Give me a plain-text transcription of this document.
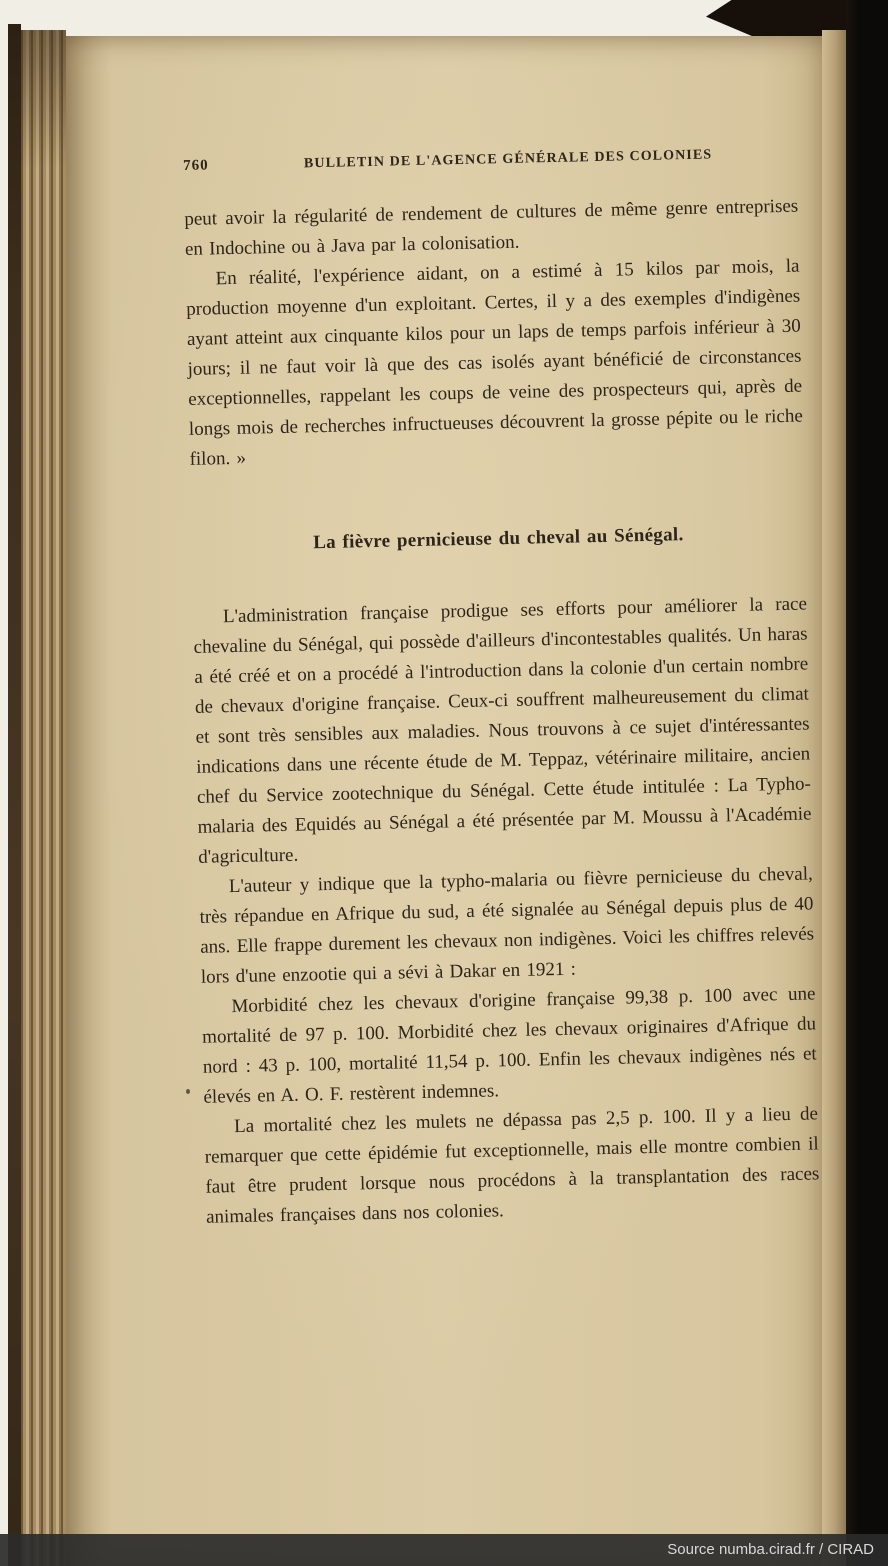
760	BULLETIN DE L'AGENCE GÉNÉRALE DES COLONIES

peut avoir la régularité de rendement de cultures de même genre entreprises en Indochine ou à Java par la colonisation.

En réalité, l'expérience aidant, on a estimé à 15 kilos par mois, la production moyenne d'un exploitant. Certes, il y a des exemples d'indigènes ayant atteint aux cinquante kilos pour un laps de temps parfois inférieur à 30 jours; il ne faut voir là que des cas isolés ayant bénéficié de circonstances exceptionnelles, rappelant les coups de veine des prospecteurs qui, après de longs mois de recherches infructueuses découvrent la grosse pépite ou le riche filon. »

La fièvre pernicieuse du cheval au Sénégal.

L'administration française prodigue ses efforts pour améliorer la race chevaline du Sénégal, qui possède d'ailleurs d'incontestables qualités. Un haras a été créé et on a procédé à l'introduction dans la colonie d'un certain nombre de chevaux d'origine française. Ceux-ci souffrent malheureusement du climat et sont très sensibles aux maladies. Nous trouvons à ce sujet d'intéressantes indications dans une récente étude de M. Teppaz, vétérinaire militaire, ancien chef du Service zootechnique du Sénégal. Cette étude intitulée : La Typho-malaria des Equidés au Sénégal a été présentée par M. Moussu à l'Académie d'agriculture.

L'auteur y indique que la typho-malaria ou fièvre pernicieuse du cheval, très répandue en Afrique du sud, a été signalée au Sénégal depuis plus de 40 ans. Elle frappe durement les chevaux non indigènes. Voici les chiffres relevés lors d'une enzootie qui a sévi à Dakar en 1921 :

Morbidité chez les chevaux d'origine française 99,38 p. 100 avec une mortalité de 97 p. 100. Morbidité chez les chevaux originaires d'Afrique du nord : 43 p. 100, mortalité 11,54 p. 100. Enfin les chevaux indigènes nés et élevés en A. O. F. restèrent indemnes.

La mortalité chez les mulets ne dépassa pas 2,5 p. 100. Il y a lieu de remarquer que cette épidémie fut exceptionnelle, mais elle montre combien il faut être prudent lorsque nous procédons à la transplantation des races animales françaises dans nos colonies.

Source numba.cirad.fr / CIRAD
